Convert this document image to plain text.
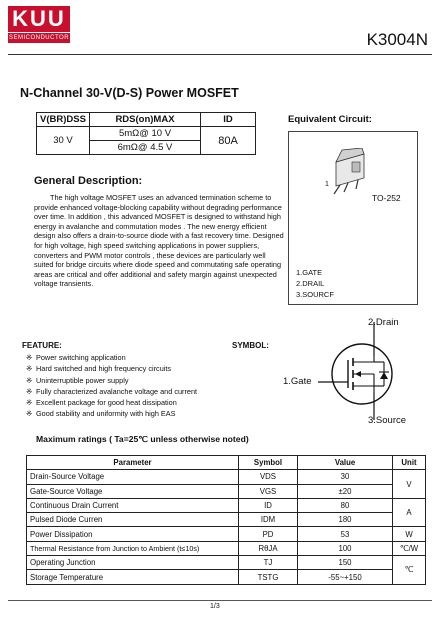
KUU
SEMICONDUCTOR	K3004N
N-Channel 30-V(D-S) Power MOSFET
V(BR)DSS	RDS(on)MAX	ID
30 V	5mΩ@ 10 V	80A
	6mΩ@ 4.5 V	
Equivalent Circuit:
1
TO-252
1.GATE
2.DRAIL
3.SOURCF
General Description:
The high voltage MOSFET uses an advanced termination scheme to provide enhanced voltage-blocking capability without degrading performance over time. In addition , this advanced MOSFET is designed to withstand high energy in avalanche and commutation modes . The new energy efficient design also offers a drain-to-source diode with a fast recovery time. Designed for high voltage, high speed switching applications in power suppliers, converters and PWM motor controls , these devices are particularly well suited for bridge circuits where diode speed and commutating safe operating areas are critical and offer additional and safety margin against unexpected voltage transients.
FEATURE:
※ Power switching application
※ Hard switched and high frequency circuits
※ Uninterruptible power supply
※ Fully characterized avalanche voltage and current
※ Excellent package for good heat dissipation
※ Good stability and uniformity with high EAS
SYMBOL:
2.Drain
1.Gate
3.Source
Maximum ratings ( Ta=25℃ unless otherwise noted)
Parameter	Symbol	Value	Unit
Drain-Source Voltage	VDS	30	V
Gate-Source Voltage	VGS	±20	
Continuous Drain Current	ID	80	A
Pulsed Diode Curren	IDM	180	
Power Dissipation	PD	53	W
Thermal Resistance from Junction to Ambient (t≤10s)	RθJA	100	℃/W
Operating Junction	TJ	150	℃
Storage Temperature	TSTG	-55~+150	
1/3
